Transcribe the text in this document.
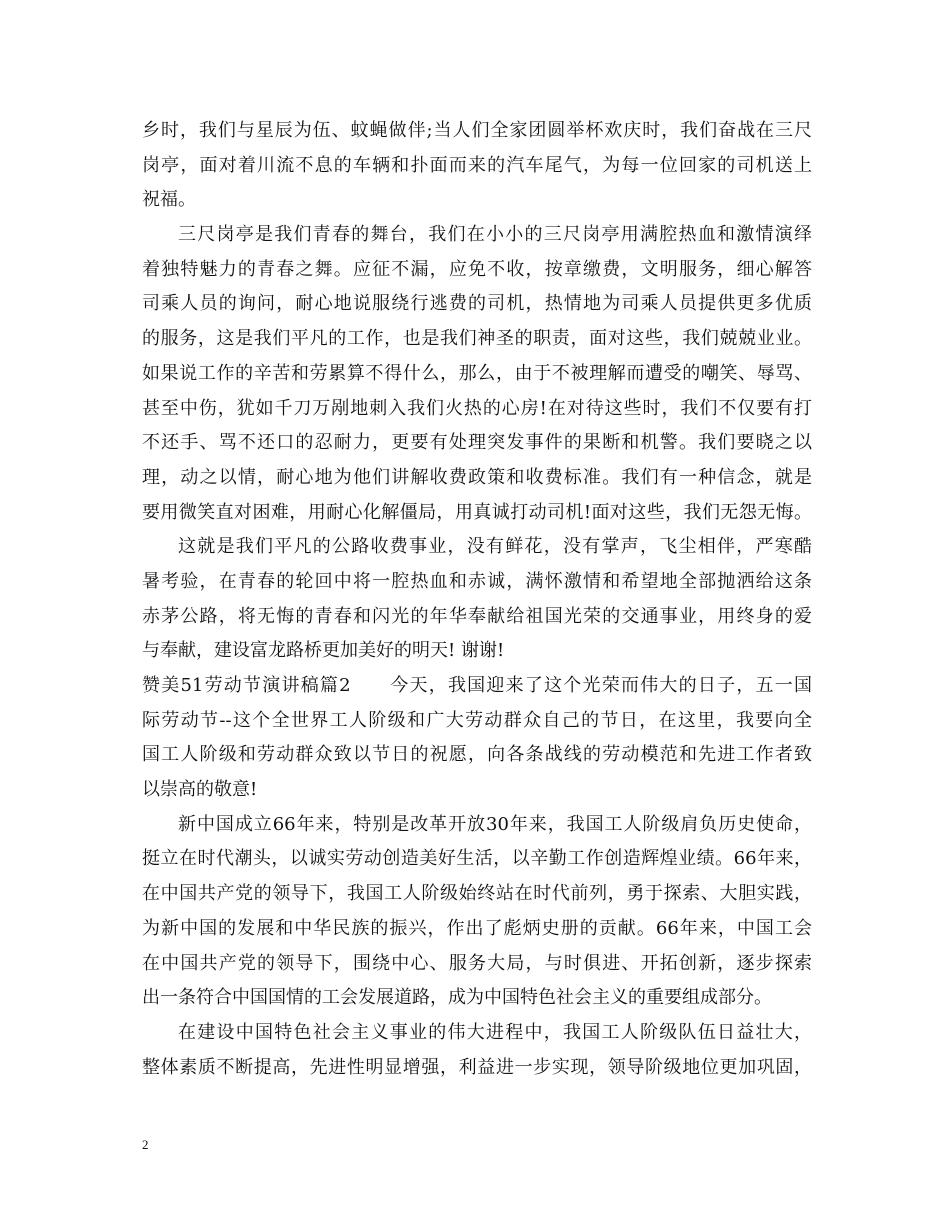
乡时，我们与星辰为伍、蚊蝇做伴;当人们全家团圆举杯欢庆时，我们奋战在三尺
岗亭，面对着川流不息的车辆和扑面而来的汽车尾气，为每一位回家的司机送上
祝福。
三尺岗亭是我们青春的舞台，我们在小小的三尺岗亭用满腔热血和激情演绎
着独特魅力的青春之舞。应征不漏，应免不收，按章缴费，文明服务，细心解答
司乘人员的询问，耐心地说服绕行逃费的司机，热情地为司乘人员提供更多优质
的服务，这是我们平凡的工作，也是我们神圣的职责，面对这些，我们兢兢业业。
如果说工作的辛苦和劳累算不得什么，那么，由于不被理解而遭受的嘲笑、辱骂、
甚至中伤，犹如千刀万剐地刺入我们火热的心房!在对待这些时，我们不仅要有打
不还手、骂不还口的忍耐力，更要有处理突发事件的果断和机警。我们要晓之以
理，动之以情，耐心地为他们讲解收费政策和收费标准。我们有一种信念，就是
要用微笑直对困难，用耐心化解僵局，用真诚打动司机!面对这些，我们无怨无悔。
这就是我们平凡的公路收费事业，没有鲜花，没有掌声，飞尘相伴，严寒酷
暑考验，在青春的轮回中将一腔热血和赤诚，满怀激情和希望地全部抛洒给这条
赤茅公路，将无悔的青春和闪光的年华奉献给祖国光荣的交通事业，用终身的爱
与奉献，建设富龙路桥更加美好的明天! 谢谢!
赞美51劳动节演讲稿篇2　　今天，我国迎来了这个光荣而伟大的日子，五一国
际劳动节--这个全世界工人阶级和广大劳动群众自己的节日，在这里，我要向全
国工人阶级和劳动群众致以节日的祝愿，向各条战线的劳动模范和先进工作者致
以崇高的敬意!
新中国成立66年来，特别是改革开放30年来，我国工人阶级肩负历史使命，
挺立在时代潮头，以诚实劳动创造美好生活，以辛勤工作创造辉煌业绩。66年来，
在中国共产党的领导下，我国工人阶级始终站在时代前列，勇于探索、大胆实践，
为新中国的发展和中华民族的振兴，作出了彪炳史册的贡献。66年来，中国工会
在中国共产党的领导下，围绕中心、服务大局，与时俱进、开拓创新，逐步探索
出一条符合中国国情的工会发展道路，成为中国特色社会主义的重要组成部分。
在建设中国特色社会主义事业的伟大进程中，我国工人阶级队伍日益壮大，
整体素质不断提高，先进性明显增强，利益进一步实现，领导阶级地位更加巩固，
2
